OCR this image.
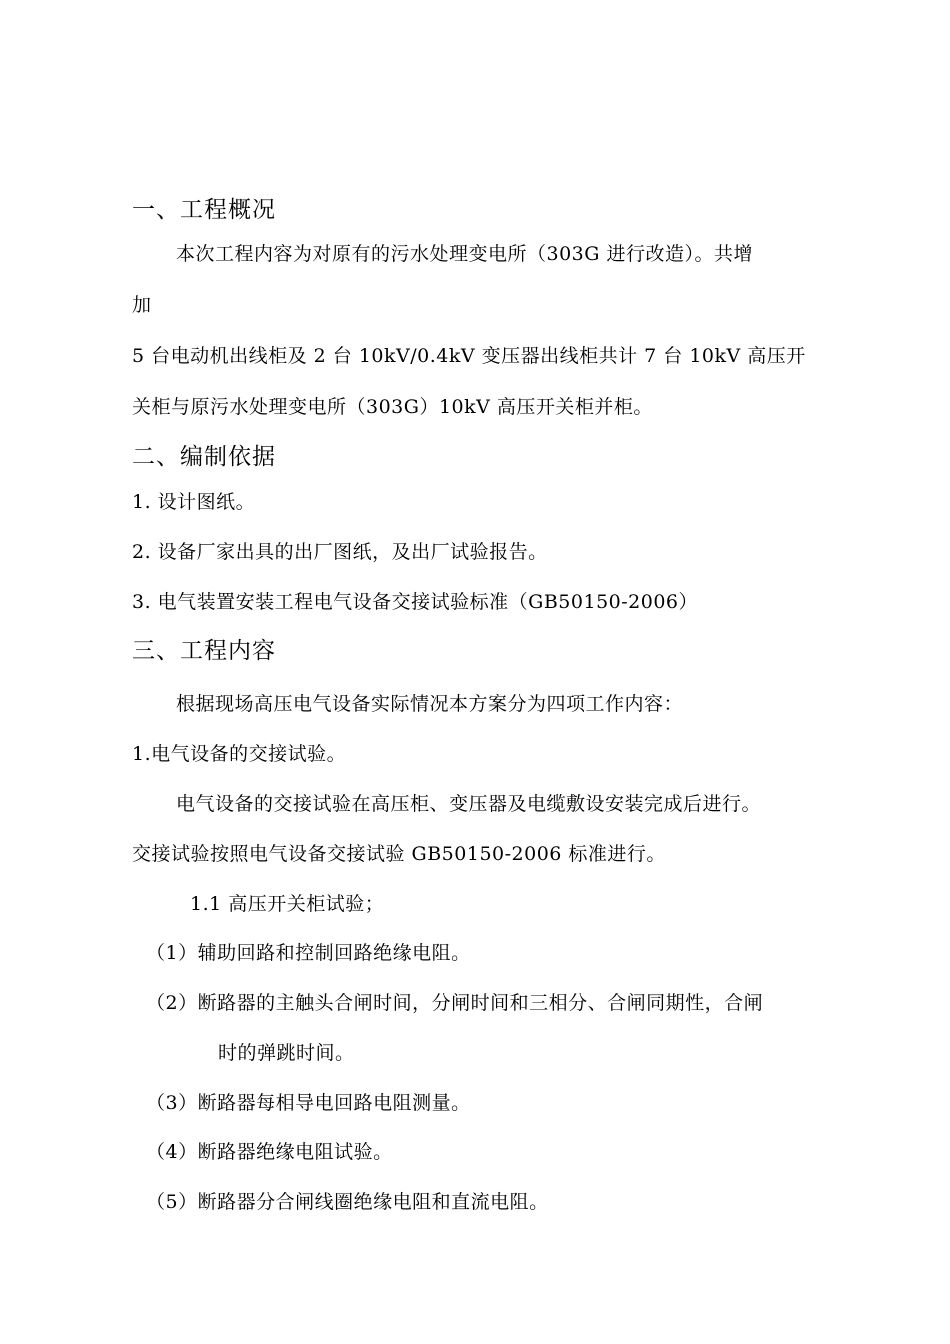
一、工程概况
本次工程内容为对原有的污水处理变电所（303G 进行改造）。共增
加
5 台电动机出线柜及 2 台 10kV/0.4kV 变压器出线柜共计 7 台 10kV 高压开
关柜与原污水处理变电所（303G）10kV 高压开关柜并柜。
二、编制依据
1. 设计图纸。
2. 设备厂家出具的出厂图纸，及出厂试验报告。
3. 电气装置安装工程电气设备交接试验标准（GB50150-2006）
三、工程内容
根据现场高压电气设备实际情况本方案分为四项工作内容：
1.电气设备的交接试验。
电气设备的交接试验在高压柜、变压器及电缆敷设安装完成后进行。
交接试验按照电气设备交接试验 GB50150-2006 标准进行。
1.1 高压开关柜试验；
（1）辅助回路和控制回路绝缘电阻。
（2）断路器的主触头合闸时间，分闸时间和三相分、合闸同期性，合闸
时的弹跳时间。
（3）断路器每相导电回路电阻测量。
（4）断路器绝缘电阻试验。
（5）断路器分合闸线圈绝缘电阻和直流电阻。
